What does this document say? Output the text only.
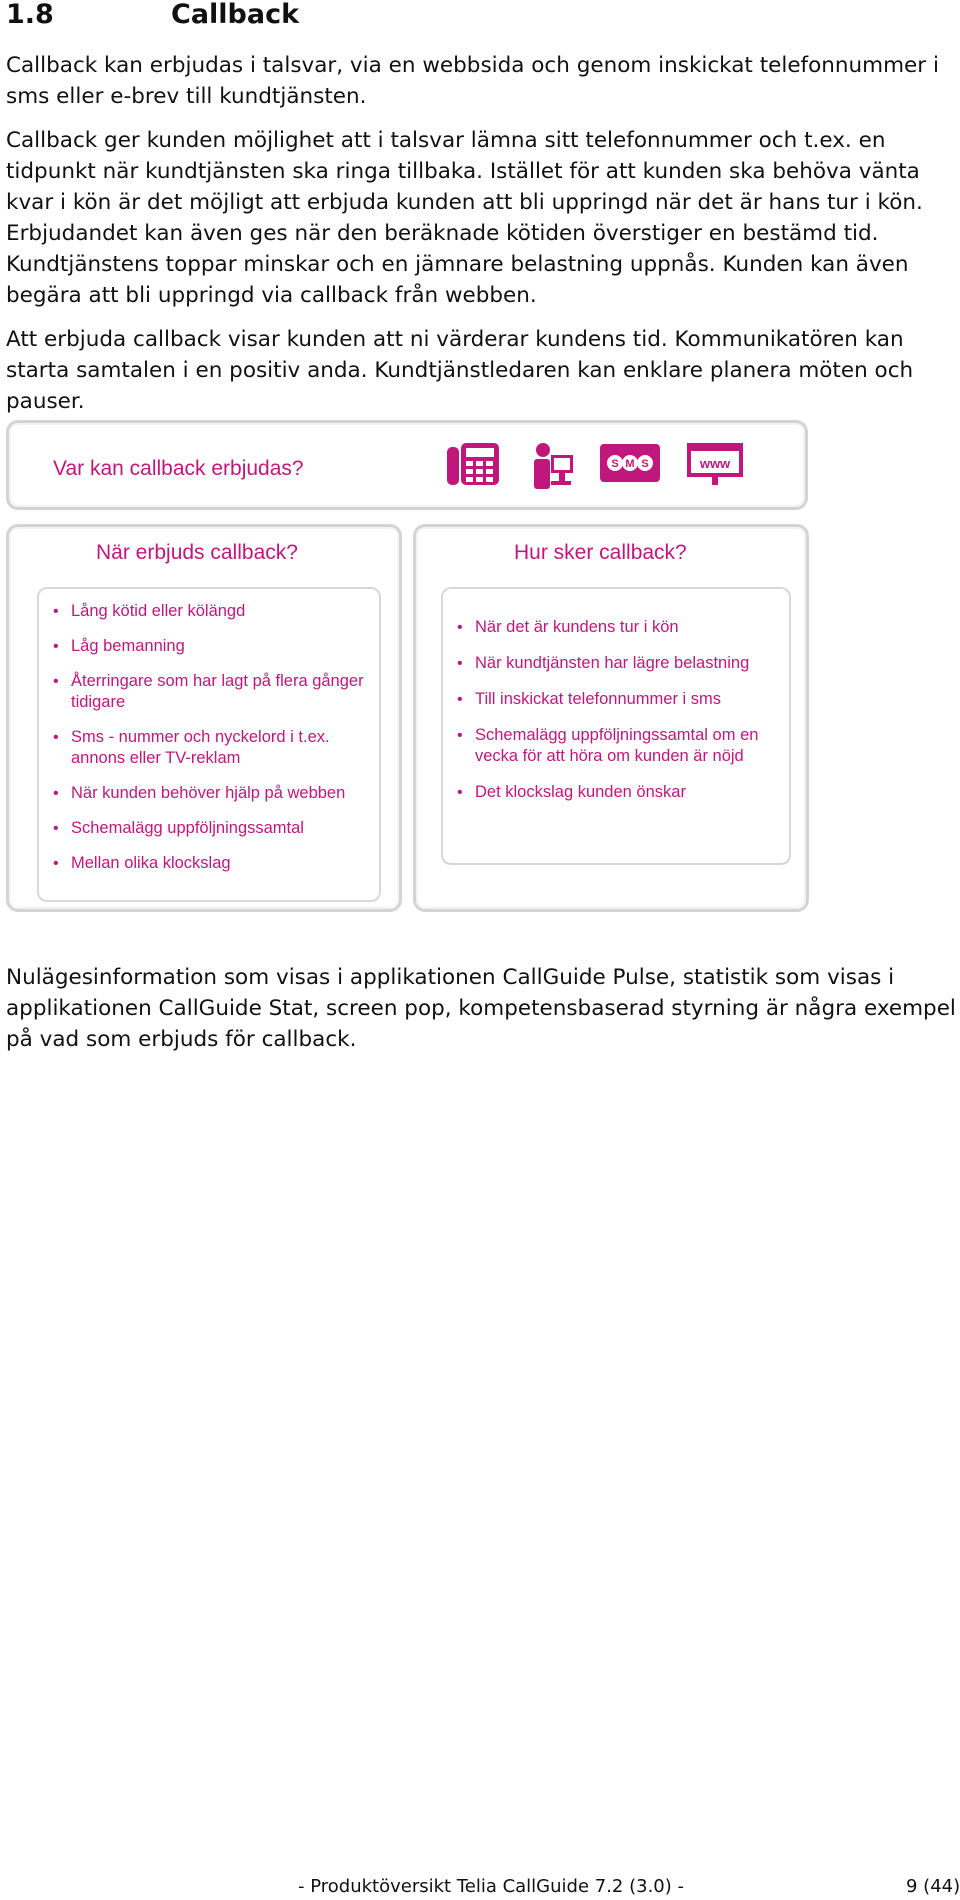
1.8	Callback

Callback kan erbjudas i talsvar, via en webbsida och genom inskickat telefonnummer i sms eller e-brev till kundtjänsten.

Callback ger kunden möjlighet att i talsvar lämna sitt telefonnummer och t.ex. en tidpunkt när kundtjänsten ska ringa tillbaka. Istället för att kunden ska behöva vänta kvar i kön är det möjligt att erbjuda kunden att bli uppringd när det är hans tur i kön. Erbjudandet kan även ges när den beräknade kötiden överstiger en bestämd tid. Kundtjänstens toppar minskar och en jämnare belastning uppnås. Kunden kan även begära att bli uppringd via callback från webben.

Att erbjuda callback visar kunden att ni värderar kundens tid. Kommunikatören kan starta samtalen i en positiv anda. Kundtjänstledaren kan enklare planera möten och pauser.

Var kan callback erbjudas?	S M S	www
När erbjuds callback?
• Lång kötid eller kölängd
• Låg bemanning
• Återringare som har lagt på flera gånger tidigare
• Sms - nummer och nyckelord i t.ex. annons eller TV-reklam
• När kunden behöver hjälp på webben
• Schemalägg uppföljningssamtal
• Mellan olika klockslag
Hur sker callback?
• När det är kundens tur i kön
• När kundtjänsten har lägre belastning
• Till inskickat telefonnummer i sms
• Schemalägg uppföljningssamtal om en vecka för att höra om kunden är nöjd
• Det klockslag kunden önskar

Nulägesinformation som visas i applikationen CallGuide Pulse, statistik som visas i applikationen CallGuide Stat, screen pop, kompetensbaserad styrning är några exempel på vad som erbjuds för callback.

- Produktöversikt Telia CallGuide 7.2 (3.0) -	9 (44)
